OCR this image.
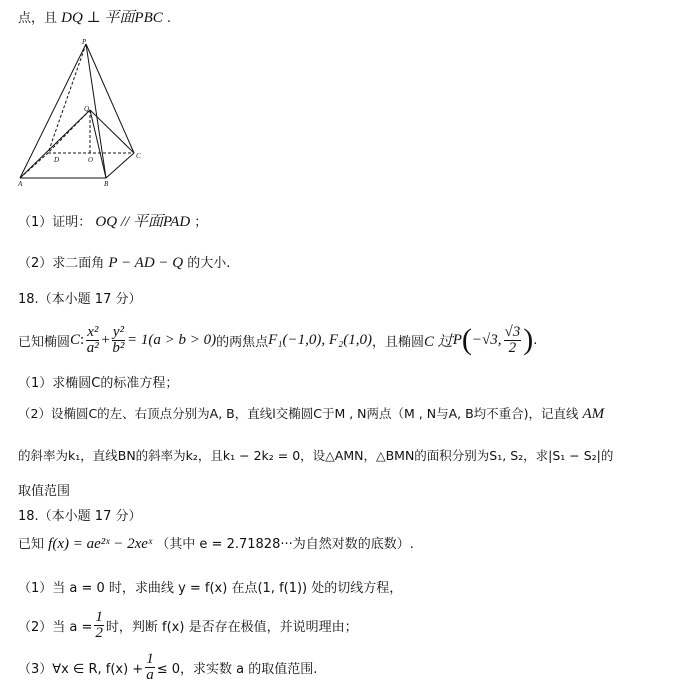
点，且 DQ ⊥ 平面PBC .
P
Q
D	O
A	B
C
（1）证明： OQ // 平面PAD ；
（2）求二面角 P − AD − Q 的大小.
18.（本小题 17 分）
已知椭圆 C : $\frac{\text{x²}}{\text{a²}} + \frac{\text{y²}}{\text{b²}} = 1(a > b > 0)$ 的两焦点 F₁(−1,0), F₂(1,0) ，且椭圆 C 过 P ( −√3, $\frac{√3}{2}$ ) .
（1）求椭圆C的标准方程；
（2）设椭圆C的左、右顶点分别为A, B，直线l交椭圆C于M , N两点（M , N与A, B均不重合)，记直线 AM
的斜率为k₁，直线BN的斜率为k₂，且k₁ − 2k₂ = 0，设△AMN，△BMN的面积分别为S₁, S₂，求|S₁ − S₂|的
取值范围
18.（本小题 17 分）
已知 f(x) = ae²ˣ − 2xeˣ （其中 e = 2.71828···为自然对数的底数）.
（1）当 a = 0 时，求曲线 y = f(x) 在点(1, f(1)) 处的切线方程，
（2）当 $a = \frac{1}{2}$ 时，判断 f(x) 是否存在极值，并说明理由；
（3）∀x ∈ R, $f(x) + \frac{1}{a} \le 0$，求实数 a 的取值范围.
